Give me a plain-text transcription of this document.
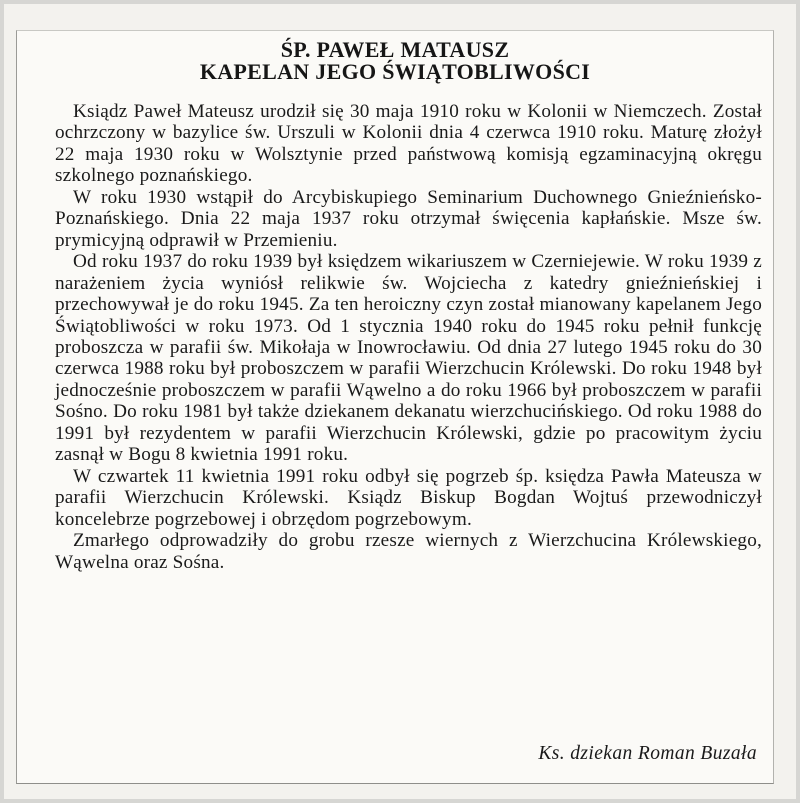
ŚP. PAWEŁ MATAUSZ
KAPELAN JEGO ŚWIĄTOBLIWOŚCI

Ksiądz Paweł Mateusz urodził się 30 maja 1910 roku w Kolonii w Niemczech. Został ochrzczony w bazylice św. Urszuli w Kolonii dnia 4 czerwca 1910 roku. Maturę złożył 22 maja 1930 roku w Wolsztynie przed państwową komisją egzaminacyjną okręgu szkolnego poznańskiego.

W roku 1930 wstąpił do Arcybiskupiego Seminarium Duchownego Gnieźnieńsko-Poznańskiego. Dnia 22 maja 1937 roku otrzymał święcenia kapłańskie. Msze św. prymicyjną odprawił w Przemieniu.

Od roku 1937 do roku 1939 był księdzem wikariuszem w Czerniejewie. W roku 1939 z narażeniem życia wyniósł relikwie św. Wojciecha z katedry gnieźnieńskiej i przechowywał je do roku 1945. Za ten heroiczny czyn został mianowany kapelanem Jego Świątobliwości w roku 1973. Od 1 stycznia 1940 roku do 1945 roku pełnił funkcję proboszcza w parafii św. Mikołaja w Inowrocławiu. Od dnia 27 lutego 1945 roku do 30 czerwca 1988 roku był proboszczem w parafii Wierzchucin Królewski. Do roku 1948 był jednocześnie proboszczem w parafii Wąwelno a do roku 1966 był proboszczem w parafii Sośno. Do roku 1981 był także dziekanem dekanatu wierzchucińskiego. Od roku 1988 do 1991 był rezydentem w parafii Wierzchucin Królewski, gdzie po pracowitym życiu zasnął w Bogu 8 kwietnia 1991 roku.

W czwartek 11 kwietnia 1991 roku odbył się pogrzeb śp. księdza Pawła Mateusza w parafii Wierzchucin Królewski. Ksiądz Biskup Bogdan Wojtuś przewodniczył koncelebrze pogrzebowej i obrzędom pogrzebowym.

Zmarłego odprowadziły do grobu rzesze wiernych z Wierzchucina Królewskiego, Wąwelna oraz Sośna.

Ks. dziekan Roman Buzała
